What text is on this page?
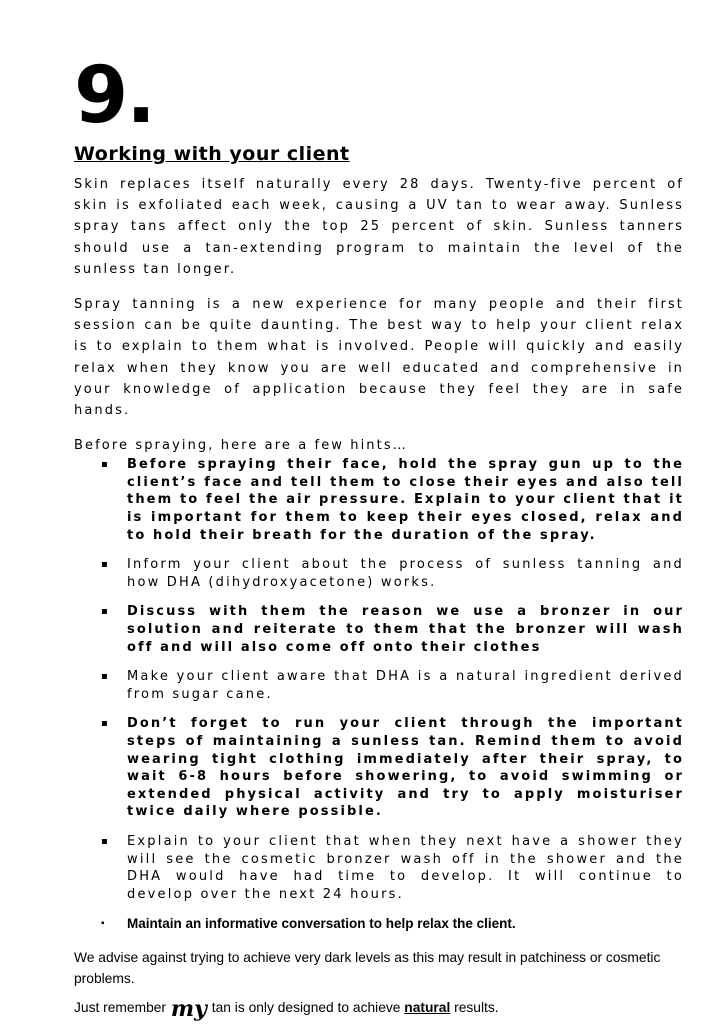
9.
Working with your client

Skin replaces itself naturally every 28 days. Twenty-five percent of skin is exfoliated each week, causing a UV tan to wear away. Sunless spray tans affect only the top 25 percent of skin. Sunless tanners should use a tan-extending program to maintain the level of the sunless tan longer.

Spray tanning is a new experience for many people and their first session can be quite daunting. The best way to help your client relax is to explain to them what is involved. People will quickly and easily relax when they know you are well educated and comprehensive in your knowledge of application because they feel they are in safe hands.

Before spraying, here are a few hints…

▪ Before spraying their face, hold the spray gun up to the client’s face and tell them to close their eyes and also tell them to feel the air pressure. Explain to your client that it is important for them to keep their eyes closed, relax and to hold their breath for the duration of the spray.
▪ Inform your client about the process of sunless tanning and how DHA (dihydroxyacetone) works.
▪ Discuss with them the reason we use a bronzer in our solution and reiterate to them that the bronzer will wash off and will also come off onto their clothes
▪ Make your client aware that DHA is a natural ingredient derived from sugar cane.
▪ Don’t forget to run your client through the important steps of maintaining a sunless tan. Remind them to avoid wearing tight clothing immediately after their spray, to wait 6-8 hours before showering, to avoid swimming or extended physical activity and try to apply moisturiser twice daily where possible.
▪ Explain to your client that when they next have a shower they will see the cosmetic bronzer wash off in the shower and the DHA would have had time to develop. It will continue to develop over the next 24 hours.
▪ Maintain an informative conversation to help relax the client.

We advise against trying to achieve very dark levels as this may result in patchiness or cosmetic problems.

Just remember my tan is only designed to achieve natural results.
